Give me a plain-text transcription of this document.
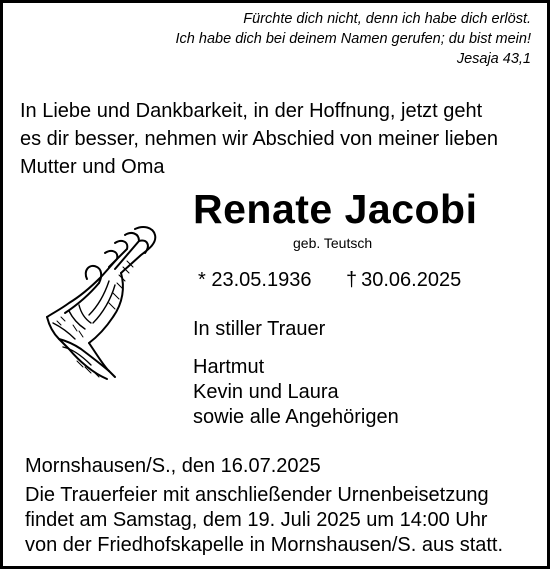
Fürchte dich nicht, denn ich habe dich erlöst.
Ich habe dich bei deinem Namen gerufen; du bist mein!
Jesaja 43,1
In Liebe und Dankbarkeit, in der Hoffnung, jetzt geht
es dir besser, nehmen wir Abschied von meiner lieben
Mutter und Oma
Renate Jacobi
geb. Teutsch
* 23.05.1936 † 30.06.2025
In stiller Trauer
Hartmut
Kevin und Laura
sowie alle Angehörigen
Mornshausen/S., den 16.07.2025
Die Trauerfeier mit anschließender Urnenbeisetzung
findet am Samstag, dem 19. Juli 2025 um 14:00 Uhr
von der Friedhofskapelle in Mornshausen/S. aus statt.
